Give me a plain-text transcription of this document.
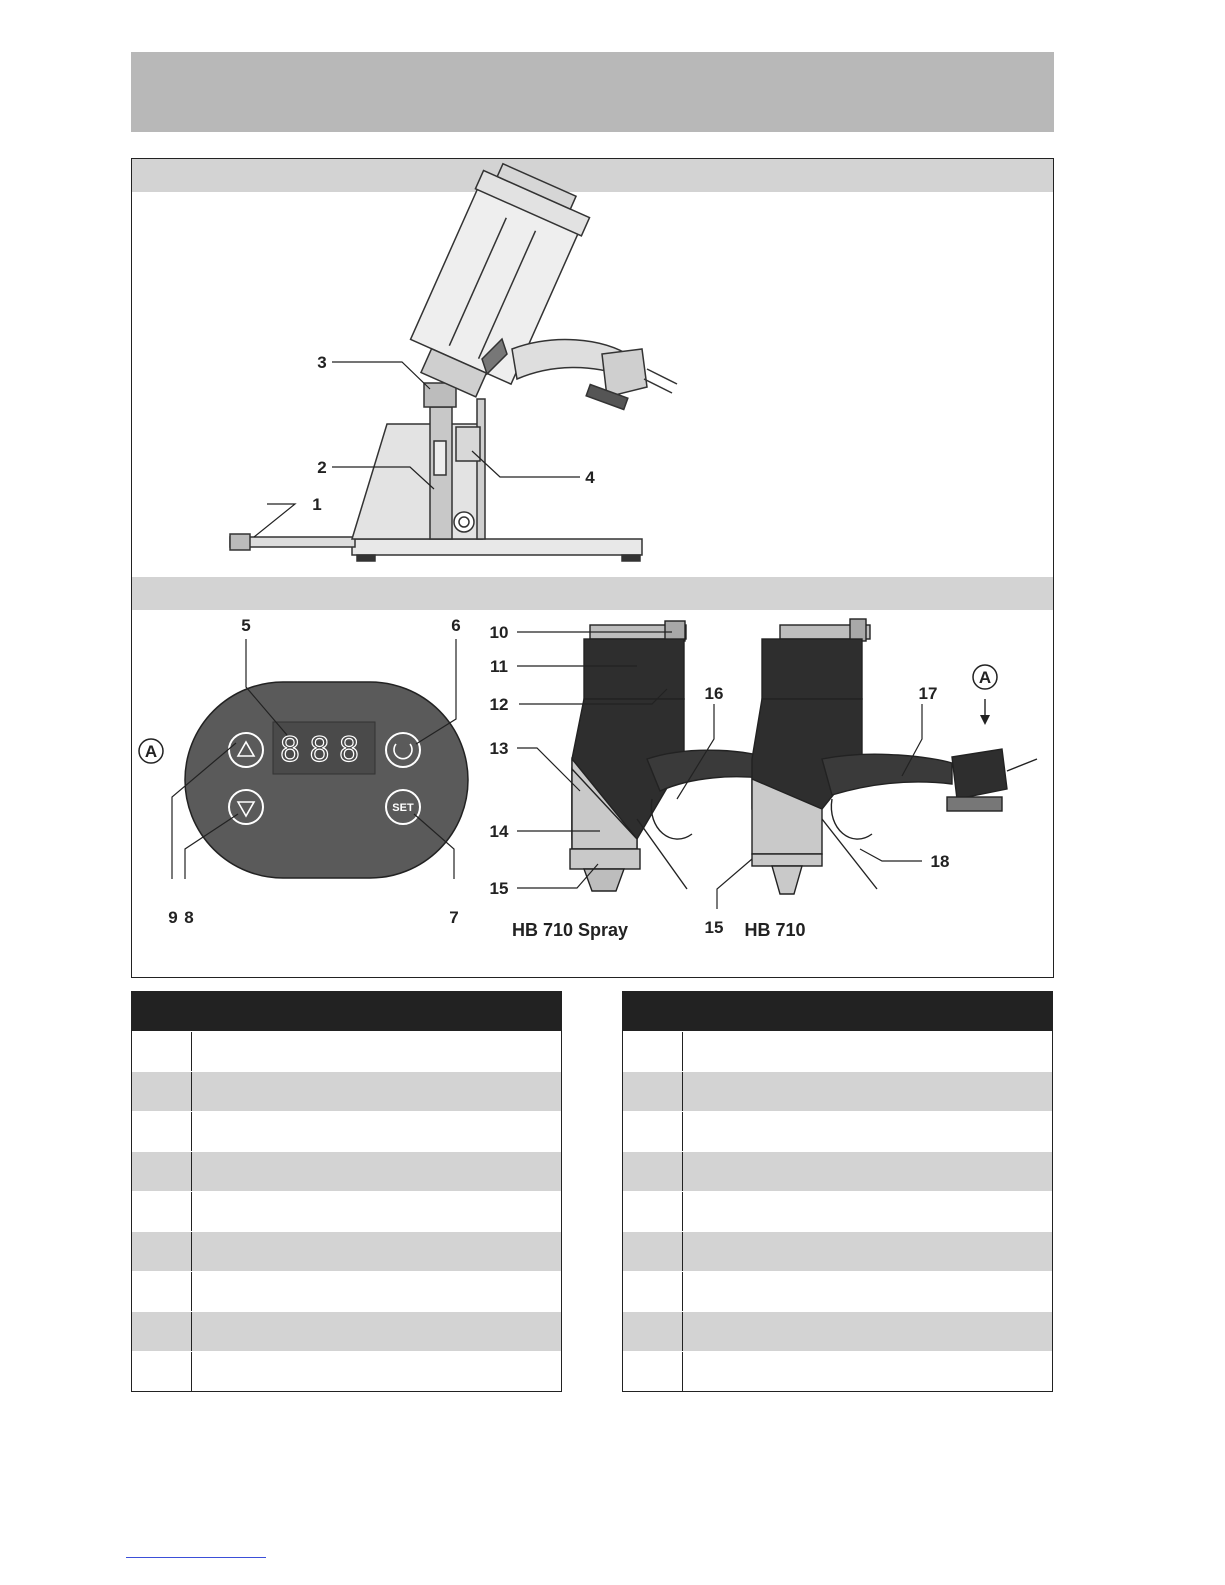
1
2
3
4
888
SET
A
5	6
7
8
9
A
10
11
12
13
14
15
16	17
18
15
HB 710 Spray	HB 710
